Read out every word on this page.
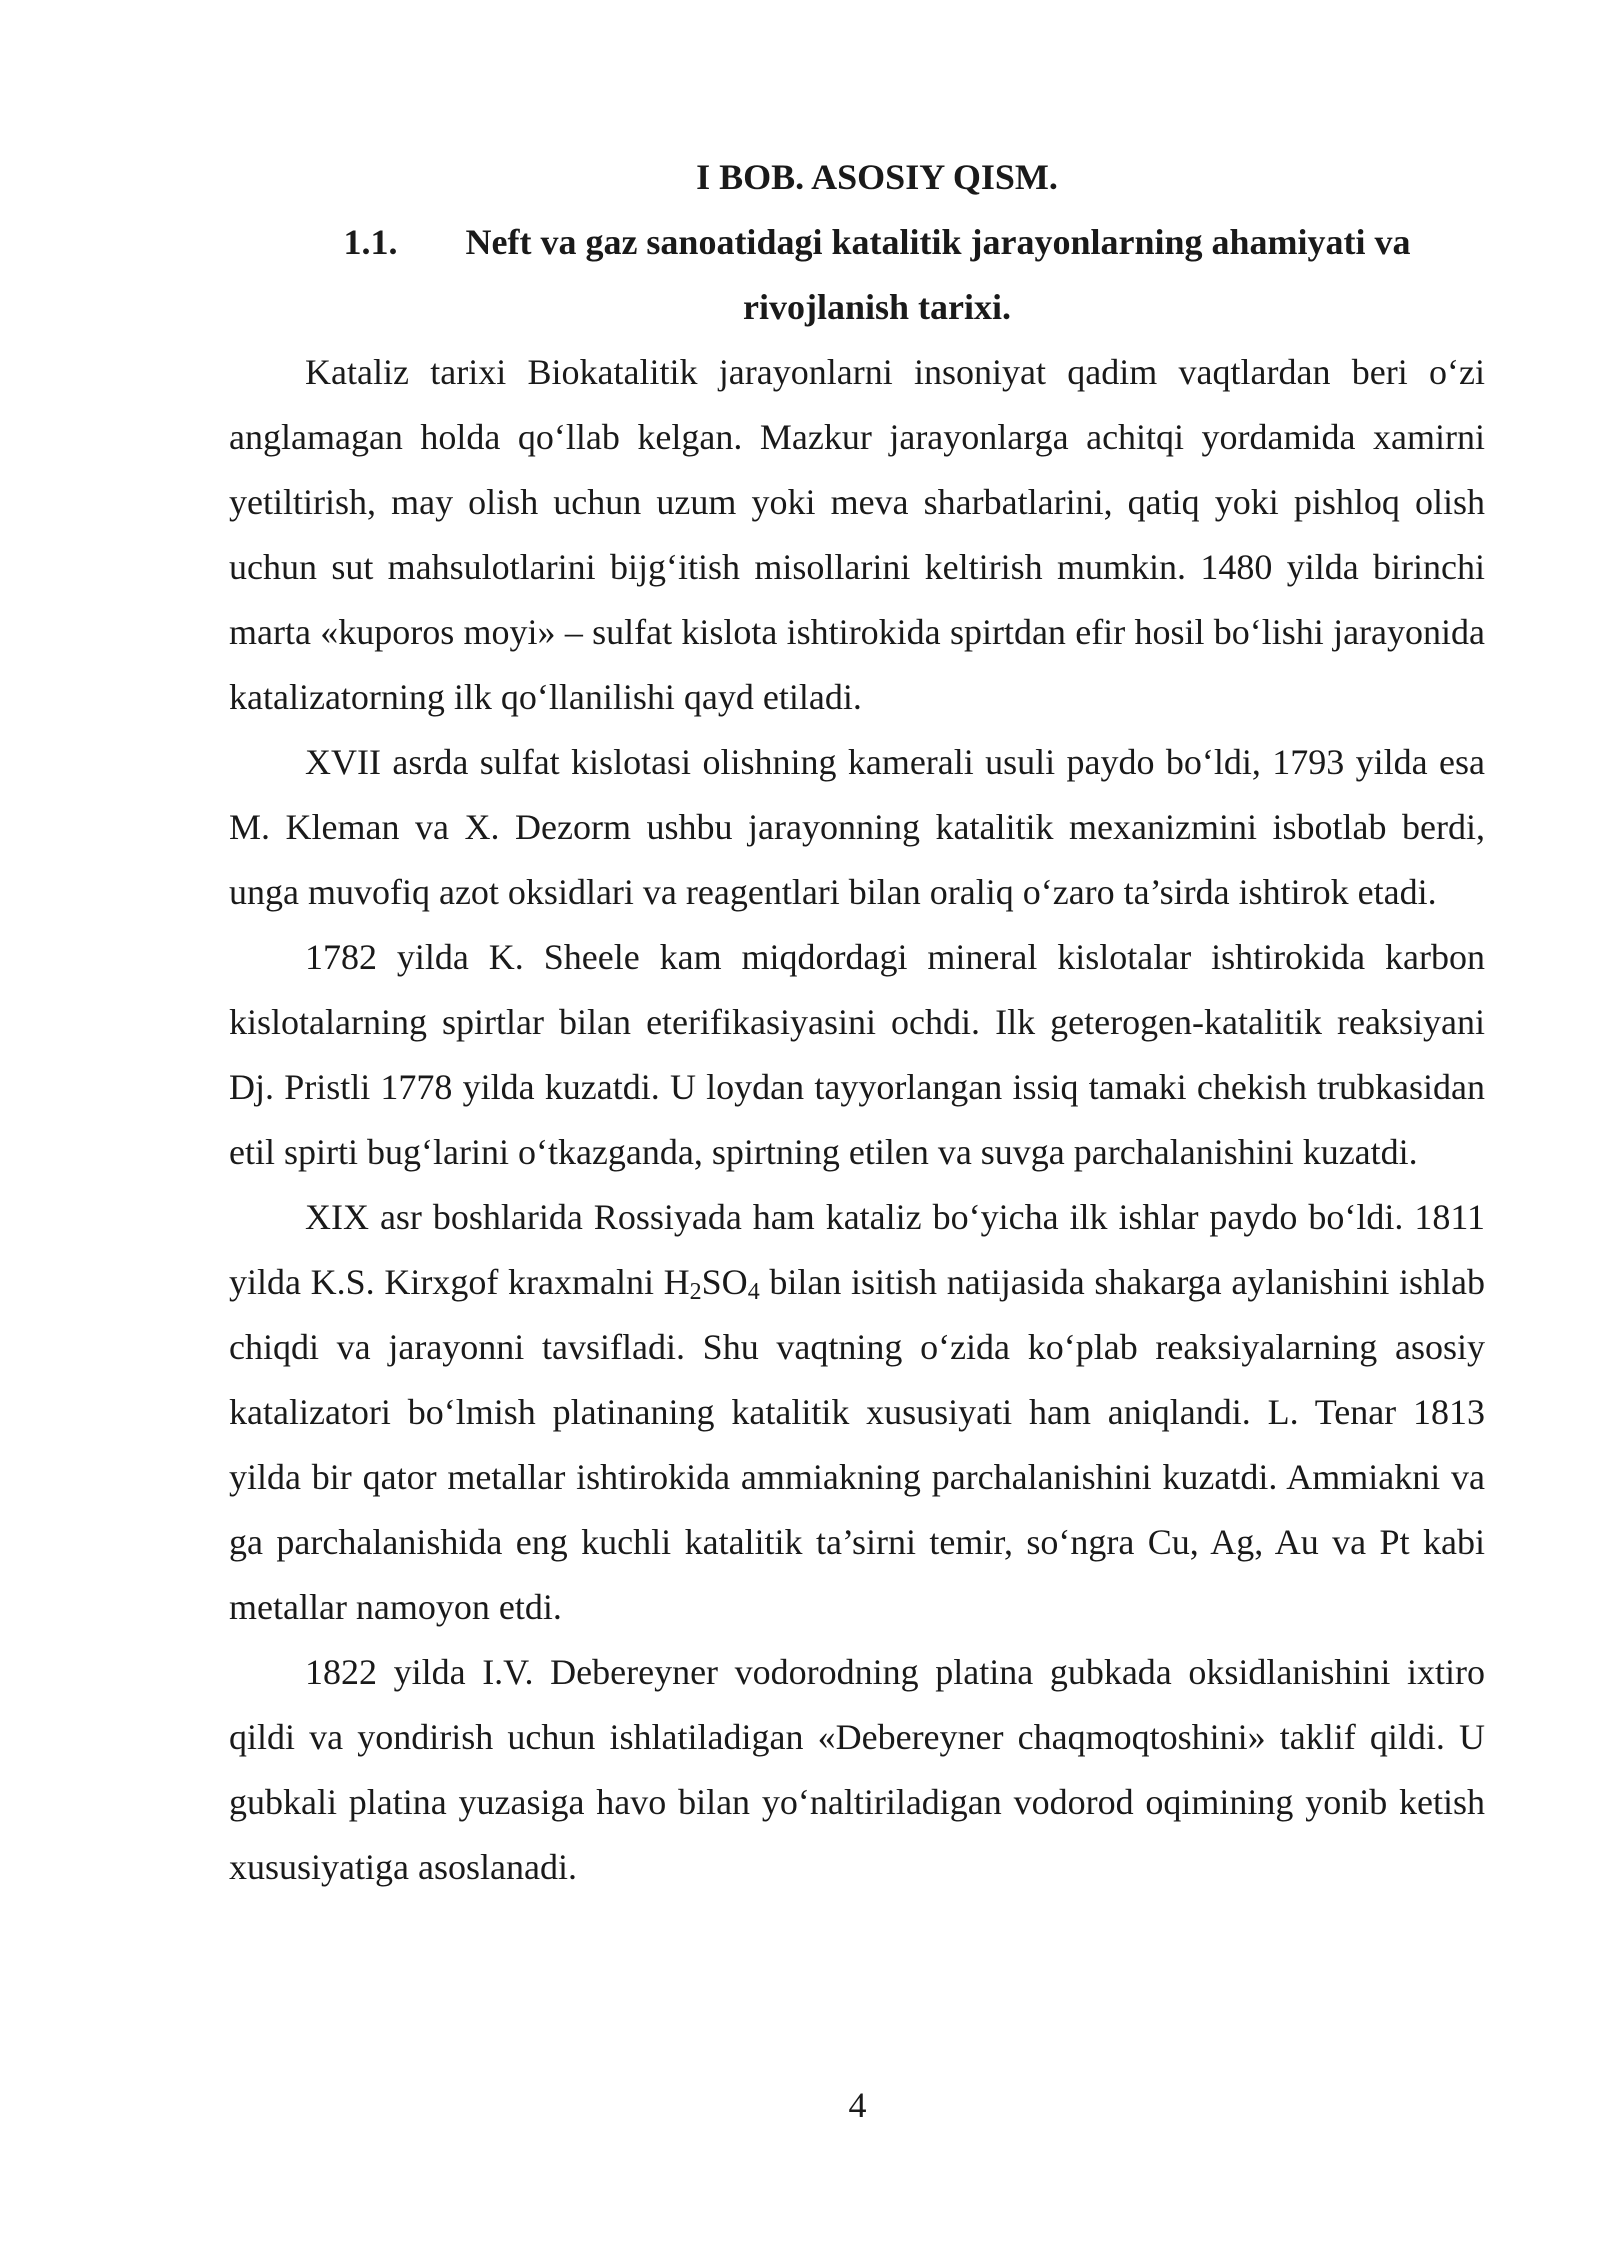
I BOB. ASOSIY QISM.
1.1. Neft va gaz sanoatidagi katalitik jarayonlarning ahamiyati va rivojlanish tarixi.

Kataliz tarixi Biokatalitik jarayonlarni insoniyat qadim vaqtlardan beri o‘zi anglamagan holda qo‘llab kelgan. Mazkur jarayonlarga achitqi yordamida xamirni yetiltirish, may olish uchun uzum yoki meva sharbatlarini, qatiq yoki pishloq olish uchun sut mahsulotlarini bijg‘itish misollarini keltirish mumkin. 1480 yilda birinchi marta «kuporos moyi» – sulfat kislota ishtirokida spirtdan efir hosil bo‘lishi jarayonida katalizatorning ilk qo‘llanilishi qayd etiladi.

XVII asrda sulfat kislotasi olishning kamerali usuli paydo bo‘ldi, 1793 yilda esa M. Kleman va X. Dezorm ushbu jarayonning katalitik mexanizmini isbotlab berdi, unga muvofiq azot oksidlari va reagentlari bilan oraliq o‘zaro ta’sirda ishtirok etadi.

1782 yilda K. Sheele kam miqdordagi mineral kislotalar ishtirokida karbon kislotalarning spirtlar bilan eterifikasiyasini ochdi. Ilk geterogen-katalitik reaksiyani Dj. Pristli 1778 yilda kuzatdi. U loydan tayyorlangan issiq tamaki chekish trubkasidan etil spirti bug‘larini o‘tkazganda, spirtning etilen va suvga parchalanishini kuzatdi.

XIX asr boshlarida Rossiyada ham kataliz bo‘yicha ilk ishlar paydo bo‘ldi. 1811 yilda K.S. Kirxgof kraxmalni $H_2SO_4$ bilan isitish natijasida shakarga aylanishini ishlab chiqdi va jarayonni tavsifladi. Shu vaqtning o‘zida ko‘plab reaksiyalarning asosiy katalizatori bo‘lmish platinaning katalitik xususiyati ham aniqlandi. L. Tenar 1813 yilda bir qator metallar ishtirokida ammiakning parchalanishini kuzatdi. Ammiakni va ga parchalanishida eng kuchli katalitik ta’sirni temir, so‘ngra Cu, Ag, Au va Pt kabi metallar namoyon etdi.

1822 yilda I.V. Debereyner vodorodning platina gubkada oksidlanishini ixtiro qildi va yondirish uchun ishlatiladigan «Debereyner chaqmoqtoshini» taklif qildi. U gubkali platina yuzasiga havo bilan yo‘naltiriladigan vodorod oqimining yonib ketish xususiyatiga asoslanadi.

4
